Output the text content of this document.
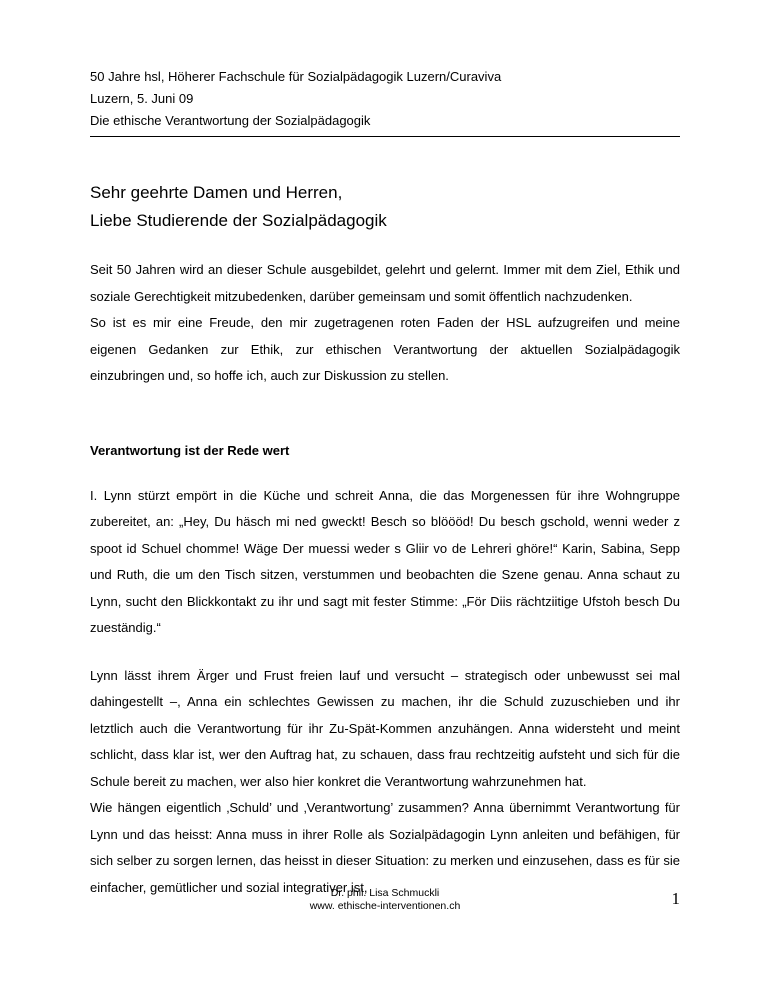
50 Jahre hsl, Höherer Fachschule für Sozialpädagogik Luzern/Curaviva

Luzern, 5. Juni 09

Die ethische Verantwortung der Sozialpädagogik

Sehr geehrte Damen und Herren,

Liebe Studierende der Sozialpädagogik

Seit 50 Jahren wird an dieser Schule ausgebildet, gelehrt und gelernt. Immer mit dem Ziel, Ethik und soziale Gerechtigkeit mitzubedenken, darüber gemeinsam und somit öffentlich nachzudenken.

So ist es mir eine Freude, den mir zugetragenen roten Faden der HSL aufzugreifen und meine eigenen Gedanken zur Ethik, zur ethischen Verantwortung der aktuellen Sozialpädagogik einzubringen und, so hoffe ich, auch zur Diskussion zu stellen.

Verantwortung ist der Rede wert

I. Lynn stürzt empört in die Küche und schreit Anna, die das Morgenessen für ihre Wohngruppe zubereitet, an: „Hey, Du häsch mi ned gweckt! Besch so blöööd! Du besch gschold, wenni weder z spoot id Schuel chomme! Wäge Der muessi weder s Gliir vo de Lehreri ghöre!“ Karin, Sabina, Sepp und Ruth, die um den Tisch sitzen, verstummen und beobachten die Szene genau. Anna schaut zu Lynn, sucht den Blickkontakt zu ihr und sagt mit fester Stimme: „För Diis rächtziitige Ufstoh besch Du zueständig.“

Lynn lässt ihrem Ärger und Frust freien lauf und versucht – strategisch oder unbewusst sei mal dahingestellt –, Anna ein schlechtes Gewissen zu machen, ihr die Schuld zuzuschieben und ihr letztlich auch die Verantwortung für ihr Zu-Spät-Kommen anzuhängen. Anna widersteht und meint schlicht, dass klar ist, wer den Auftrag hat, zu schauen, dass frau rechtzeitig aufsteht und sich für die Schule bereit zu machen, wer also hier konkret die Verantwortung wahrzunehmen hat.

Wie hängen eigentlich ‚Schuld’ und ‚Verantwortung’ zusammen? Anna übernimmt Verantwortung für Lynn und das heisst: Anna muss in ihrer Rolle als Sozialpädagogin Lynn anleiten und befähigen, für sich selber zu sorgen lernen, das heisst in dieser Situation: zu merken und einzusehen, dass es für sie einfacher, gemütlicher und sozial integrativer ist,

Dr. phil. Lisa Schmuckli

www. ethische-interventionen.ch	1
